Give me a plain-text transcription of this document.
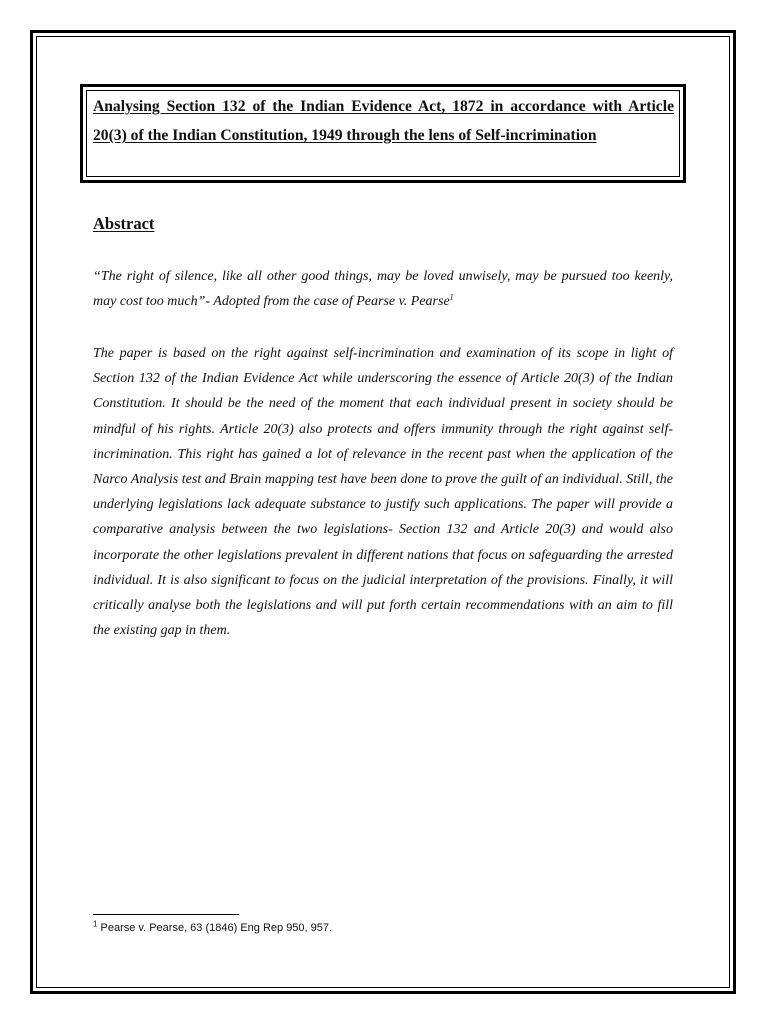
Analysing Section 132 of the Indian Evidence Act, 1872 in accordance with Article 20(3) of the Indian Constitution, 1949 through the lens of Self-incrimination

Abstract

“The right of silence, like all other good things, may be loved unwisely, may be pursued too keenly, may cost too much”- Adopted from the case of Pearse v. Pearse$^1$

The paper is based on the right against self-incrimination and examination of its scope in light of Section 132 of the Indian Evidence Act while underscoring the essence of Article 20(3) of the Indian Constitution. It should be the need of the moment that each individual present in society should be mindful of his rights. Article 20(3) also protects and offers immunity through the right against self-incrimination. This right has gained a lot of relevance in the recent past when the application of the Narco Analysis test and Brain mapping test have been done to prove the guilt of an individual. Still, the underlying legislations lack adequate substance to justify such applications. The paper will provide a comparative analysis between the two legislations- Section 132 and Article 20(3) and would also incorporate the other legislations prevalent in different nations that focus on safeguarding the arrested individual. It is also significant to focus on the judicial interpretation of the provisions. Finally, it will critically analyse both the legislations and will put forth certain recommendations with an aim to fill the existing gap in them.

$^1$ Pearse v. Pearse, 63 (1846) Eng Rep 950, 957.
